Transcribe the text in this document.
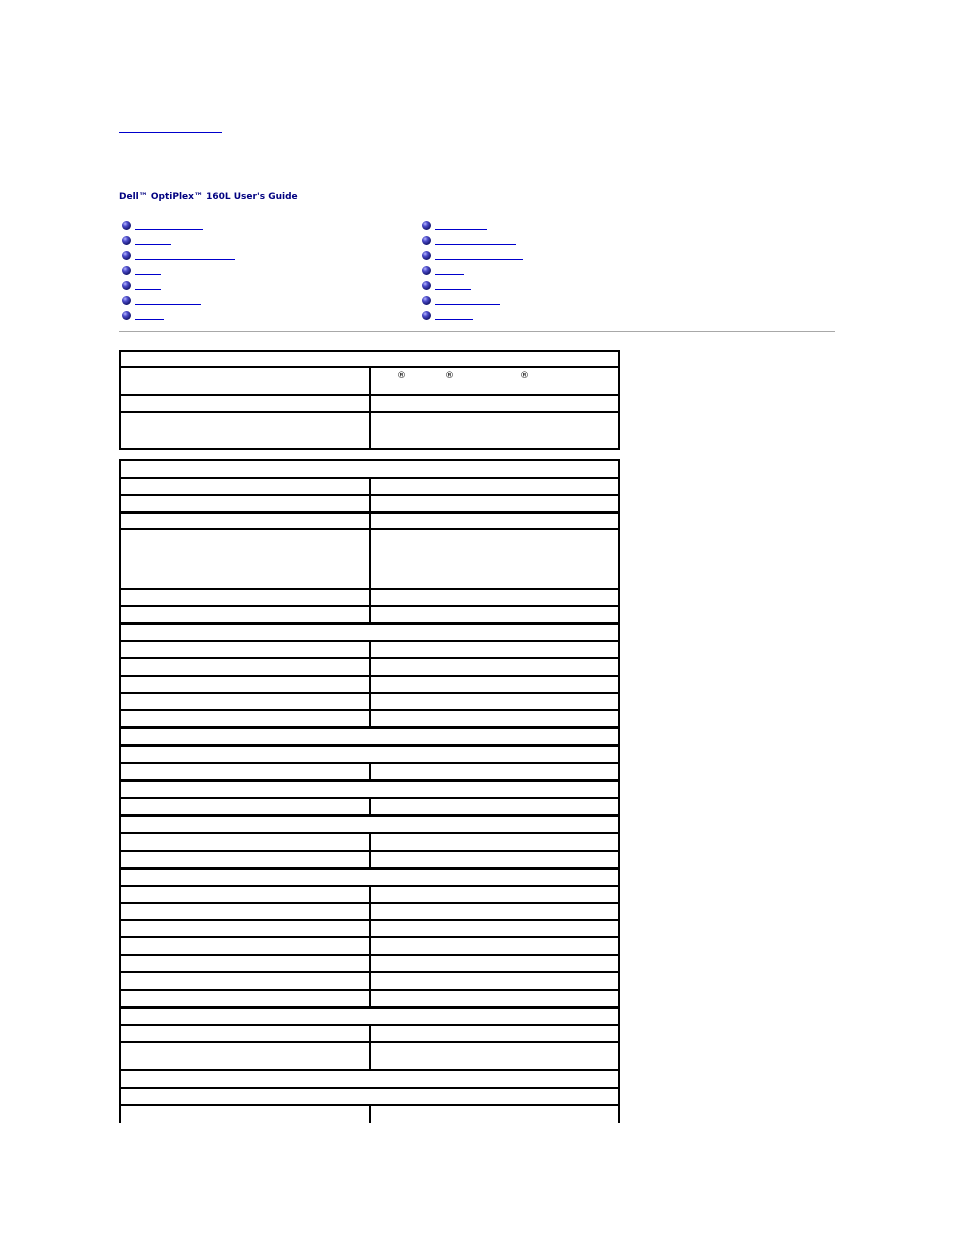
Dell™ OptiPlex™ 160L User's Guide
®	®	®
